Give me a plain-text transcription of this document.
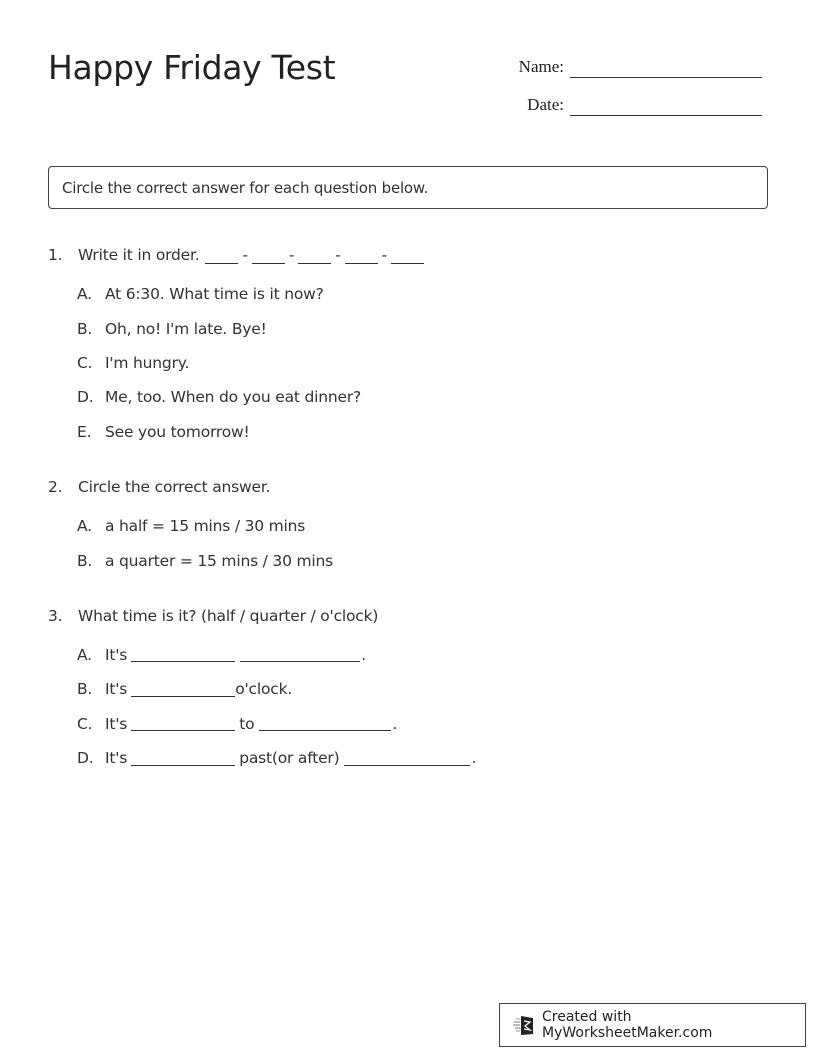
Happy Friday Test	Name:
Date:
Circle the correct answer for each question below.
1.	Write it in order.	-	-	-	-
A. At 6:30. What time is it now?
B. Oh, no! I'm late. Bye!
C. I'm hungry.
D. Me, too. When do you eat dinner?
E. See you tomorrow!
2.	Circle the correct answer.
A. a half = 15 mins / 30 mins
B. a quarter = 15 mins / 30 mins
3.	What time is it? (half / quarter / o'clock)
A. It's	.
B. It's	o'clock.
C. It's	to	.
D. It's	past(or after)	.
Created with MyWorksheetMaker.com
